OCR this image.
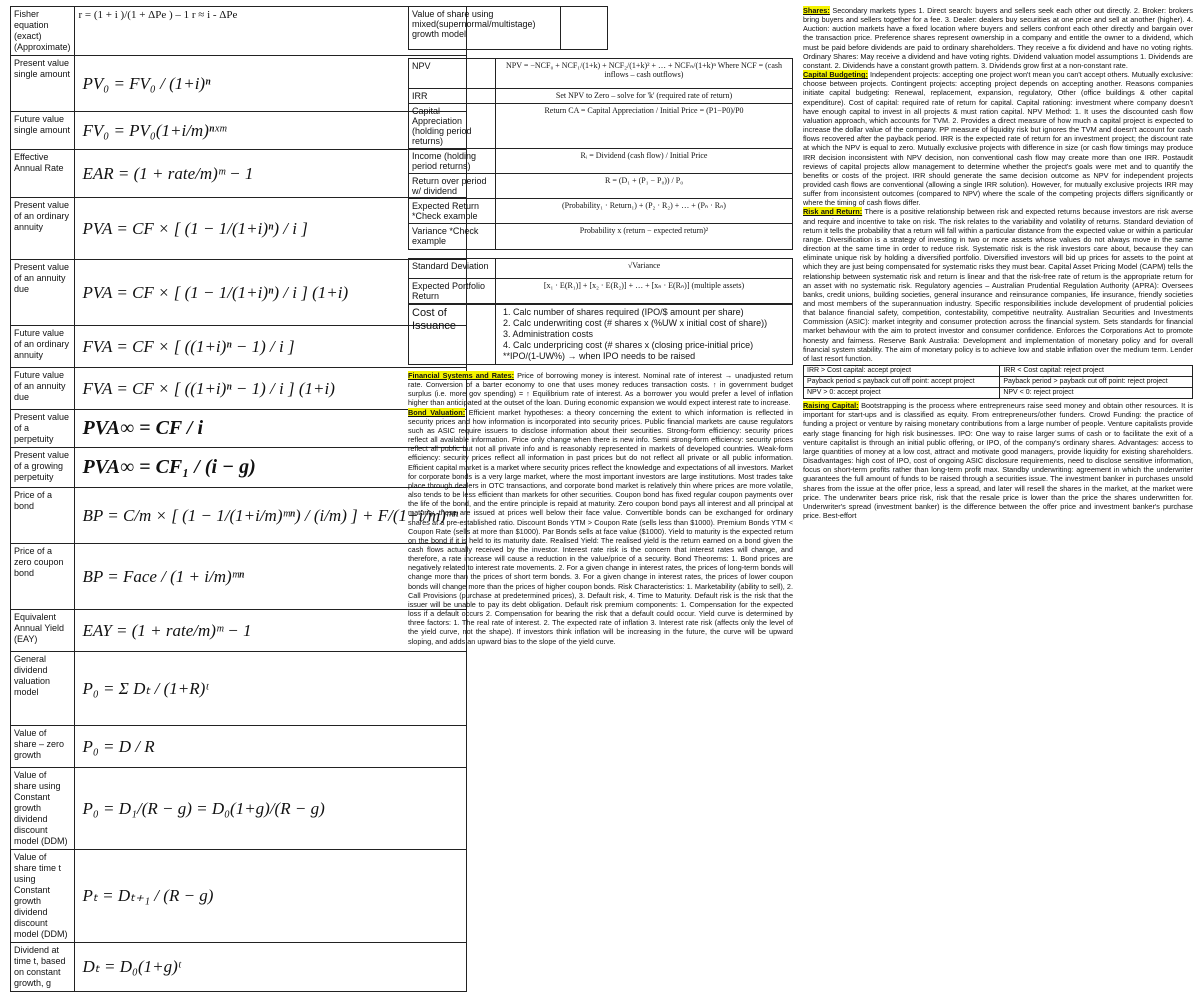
Fisher equation (exact) (Approximate)	r = (1 + i )/(1 + ΔPe ) – 1 r ≈ i - ΔPe
Present value single amount	PV₀ = FV₀ / (1+i)ⁿ
Future value single amount	FV₀ = PV₀(1+i/m)ⁿˣᵐ
Effective Annual Rate	EAR = (1 + rate/m)ᵐ − 1
Present value of an ordinary annuity	PVA = CF × [ (1 − 1/(1+i)ⁿ) / i ]
Present value of an annuity due	PVA = CF × [ (1 − 1/(1+i)ⁿ) / i ] (1+i)
Future value of an ordinary annuity	FVA = CF × [ ((1+i)ⁿ − 1) / i ]
Future value of an annuity due	FVA = CF × [ ((1+i)ⁿ − 1) / i ] (1+i)
Present value of a perpetuity	PVA∞ = CF / i
Present value of a growing perpetuity	PVA∞ = CF₁ / (i − g)
Price of a bond	BP = C/m × [ (1 − 1/(1+i/m)ᵐⁿ) / (i/m) ] + F/(1+i/m)ᵐⁿ
Price of a zero coupon bond	BP = Face / (1 + i/m)ᵐⁿ
Equivalent Annual Yield (EAY)	EAY = (1 + rate/m)ᵐ − 1
General dividend valuation model	P₀ = Σ Dₜ / (1+R)ᵗ
Value of share – zero growth	P₀ = D / R
Value of share using Constant growth dividend discount model (DDM)	P₀ = D₁/(R − g) = D₀(1+g)/(R − g)
Value of share time t using Constant growth dividend discount model (DDM)	Pₜ = Dₜ₊₁ / (R − g)
Dividend at time t, based on constant growth, g	Dₜ = D₀(1+g)ᵗ
Value of share using mixed(supernormal/multistage) growth model	
NPV	NPV = −NCF₀ + NCF₁/(1+k) + NCF₂/(1+k)² + … + NCFₙ/(1+k)ⁿ Where NCF = (cash inflows – cash outflows)
IRR	Set NPV to Zero – solve for 'k' (required rate of return)
Capital Appreciation (holding period returns)	Return CA = Capital Appreciation / Initial Price = (P1−P0)/P0
Income (holding period returns)	Rᵢ = Dividend (cash flow) / Initial Price
Return over period w/ dividend	R = (D₁ + (P₁ − P₀)) / P₀
Expected Return *Check example	(Probability₁ · Return₁) + (P₂ · R₂) + … + (Pₙ · Rₙ)
Variance *Check example	Probability x (return − expected return)²
Standard Deviation	√Variance
Expected Portfolio Return	[x₁ · E(R₁)] + [x₂ · E(R₂)] + … + [xₙ · E(Rₙ)] (multiple assets)
Cost of Issuance	
1. Calc number of shares required (IPO/$ amount per share)
2. Calc underwriting cost (# shares x (%UW x initial cost of share))
3. Administration costs
4. Calc underpricing cost (# shares x (closing price-initial price)
**IPO/(1-UW%) → when IPO needs to be raised

Financial Systems and Rates: Price of borrowing money is interest. Nominal rate of interest → unadjusted return rate. Conversion of a barter economy to one that uses money reduces transaction costs. ↑ in government budget surplus (i.e. more gov spending) = ↑ Equilibrium rate of interest. As a borrower you would prefer a level of inflation higher than anticipated at the outset of the loan. During economic expansion we would expect interest rate to increase.

Bond Valuation: Efficient market hypotheses: a theory concerning the extent to which information is reflected in security prices and how information is incorporated into security prices. Public financial markets are cause regulators such as ASIC require issuers to disclose information about their securities. Strong-form efficiency: security prices reflect all available information. Price only change when there is new info. Semi strong-form efficiency: security prices reflect all public but not all private info and is reasonably represented in markets of developed countries. Weak-form efficiency: security prices reflect all information in past prices but do not reflect all private or all public information. Efficient capital market is a market where security prices reflect the knowledge and expectations of all investors. Market for corporate bonds is a very large market, where the most important investors are large institutions. Most trades take place through dealers in OTC transactions, and corporate bond market is relatively thin where prices are more volatile, also tends to be less efficient than markets for other securities. Coupon bond has fixed regular coupon payments over the life of the bond, and the entire principle is repaid at maturity. Zero coupon bond pays all interest and all principal at maturity, these are issued at prices well below their face value. Convertible bonds can be exchanged for ordinary shares at a pre-established ratio. Discount Bonds YTM > Coupon Rate (sells less than $1000). Premium Bonds YTM < Coupon Rate (sells at more than $1000). Par Bonds sells at face value ($1000). Yield to maturity is the expected return on the bond if it is held to its maturity date. Realised Yield: The realised yield is the return earned on a bond given the cash flows actually received by the investor. Interest rate risk is the concern that interest rates will change, and therefore, a rate increase will cause a reduction in the value/price of a security. Bond Theorems: 1. Bond prices are negatively related to interest rate movements. 2. For a given change in interest rates, the prices of long-term bonds will change more than the prices of short term bonds. 3. For a given change in interest rates, the prices of lower coupon bonds will change more than the prices of higher coupon bonds. Risk Characteristics: 1. Marketability (ability to sell), 2. Call Provisions (purchase at predetermined prices), 3. Default risk, 4. Time to Maturity. Default risk is the risk that the issuer will be unable to pay its debt obligation. Default risk premium components: 1. Compensation for the expected loss if a default occurs 2. Compensation for bearing the risk that a default could occur. Yield curve is determined by three factors: 1. The real rate of interest. 2. The expected rate of inflation 3. Interest rate risk (affects only the level of the yield curve, not the shape). If investors think inflation will be increasing in the future, the curve will be upward sloping, and adds an upward bias to the slope of the yield curve.

Shares: Secondary markets types 1. Direct search: buyers and sellers seek each other out directly. 2. Broker: brokers bring buyers and sellers together for a fee. 3. Dealer: dealers buy securities at one price and sell at another (higher). 4. Auction: auction markets have a fixed location where buyers and sellers confront each other directly and bargain over the transaction price. Preference shares represent ownership in a company and entitle the owner to a dividend, which must be paid before dividends are paid to ordinary shareholders. They receive a fix dividend and have no voting rights. Ordinary Shares: May receive a dividend and have voting rights. Dividend valuation model assumptions 1. Dividends are constant. 2. Dividends have a constant growth pattern. 3. Dividends grow first at a non-constant rate.

Capital Budgeting: Independent projects: accepting one project won't mean you can't accept others. Mutually exclusive: choose between projects. Contingent projects: accepting project depends on accepting another. Reasons companies initiate capital budgeting: Renewal, replacement, expansion, regulatory, Other (office buildings & other capital expenditure). Cost of capital: required rate of return for capital. Capital rationing: investment where company doesn't have enough capital to invest in all projects & must ration capital. NPV Method: 1. It uses the discounted cash flow valuation approach, which accounts for TVM. 2. Provides a direct measure of how much a capital project is expected to increase the dollar value of the company. PP measure of liquidity risk but ignores the TVM and doesn't account for cash flows recovered after the payback period. IRR is the expected rate of return for an investment project; the discount rate at which the NPV is equal to zero. Mutually exclusive projects with difference in size (or cash flow timings may produce IRR decision inconsistent with NPV decision, non conventional cash flow may create more than one IRR. Postaudit reviews of capital projects allow management to determine whether the project's goals were met and to quantify the benefits or costs of the project. IRR should generate the same decision outcome as NPV for independent projects provided cash flows are conventional (allowing a single IRR solution). However, for mutually exclusive projects IRR may suffer from inconsistent outcomes (compared to NPV) where the scale of the competing projects differs significantly or where the timing of cash flows differ.

Risk and Return: There is a positive relationship between risk and expected returns because investors are risk averse and require and incentive to take on risk. The risk relates to the variability and volatility of returns. Standard deviation of return it tells the probability that a return will fall within a particular distance from the expected value or within a particular range. Diversification is a strategy of investing in two or more assets whose values do not always move in the same direction at the same time in order to reduce risk. Systematic risk is the risk investors care about, because they can eliminate unique risk by holding a diversified portfolio. Diversified investors will bid up prices for assets to the point at which they are just being compensated for systematic risks they must bear. Capital Asset Pricing Model (CAPM) tells the relationship between systematic risk and return is linear and that the risk-free rate of return is the appropriate return for an asset with no systematic risk. Regulatory agencies – Australian Prudential Regulation Authority (APRA): Oversees banks, credit unions, building societies, general insurance and reinsurance companies, life insurance, friendly societies and most members of the superannuation industry. Specific responsibilities include development of prudential policies that balance financial safety, competition, contestability, competitive neutrality. Australian Securities and Investments Commission (ASIC): market integrity and consumer protection across the financial system. Sets standards for financial market behaviour with the aim to protect investor and consumer confidence. Enforces the Corporations Act to promote honesty and fairness. Reserve Bank Australia: Development and implementation of monetary policy and for overall financial system stability. The aim of monetary policy is to achieve low and stable inflation over the medium term. Lender of last resort function.

IRR > Cost capital: accept project	IRR < Cost capital: reject project
Payback period ≤ payback cut off point: accept project	Payback period > payback cut off point: reject project
NPV > 0: accept project	NPV < 0: reject project

Raising Capital: Bootstrapping is the process where entrepreneurs raise seed money and obtain other resources. It is important for start-ups and is classified as equity. From entrepreneurs/other funders. Crowd Funding: the practice of funding a project or venture by raising monetary contributions from a large number of people. Venture capitalists provide early stage financing for high risk businesses. IPO: One way to raise larger sums of cash or to facilitate the exit of a venture capitalist is through an initial public offering, or IPO, of the company's ordinary shares. Advantages: access to large quantities of money at a low cost, attract and motivate good managers, provide liquidity for existing shareholders. Disadvantages: high cost of IPO, cost of ongoing ASIC disclosure requirements, need to disclose sensitive information, focus on short-term profits rather than long-term profit max. Standby underwriting: agreement in which the underwriter guarantees the full amount of funds to be raised through a securities issue. The investment banker in purchases unsold shares from the issue at the offer price, less a spread, and later will resell the shares in the market, at the market were price. The underwriter bears price risk, risk that the resale price is lower than the price the shares underwritten for. Underwriter's spread (investment banker) is the difference between the offer price and investment banker's purchase price. Best-effort
